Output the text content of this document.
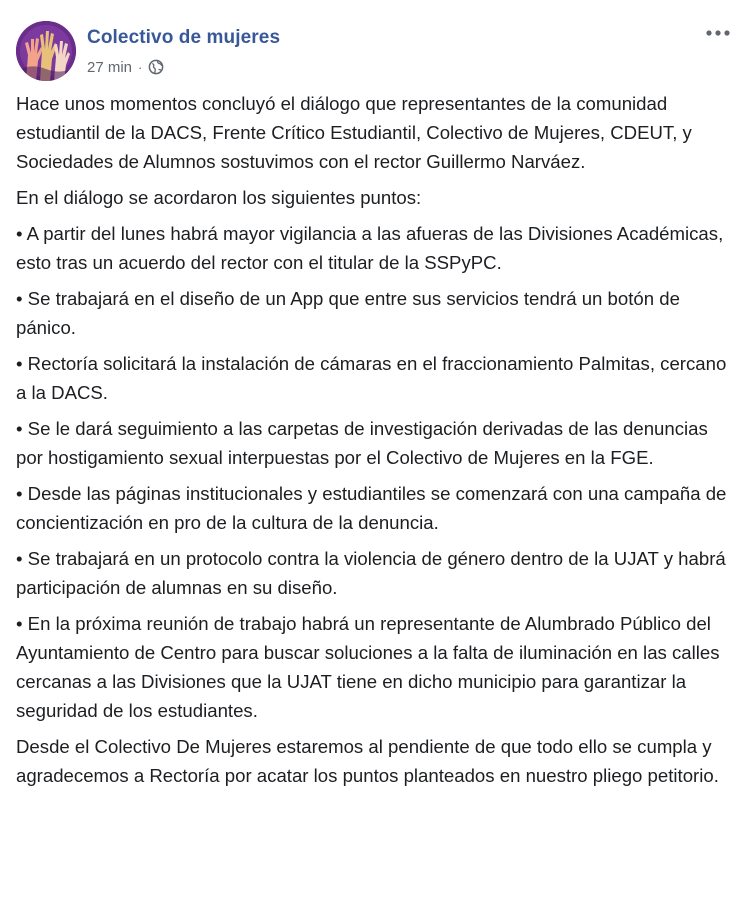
Colectivo de mujeres
27 min ·

Hace unos momentos concluyó el diálogo que representantes de la comunidad estudiantil de la DACS, Frente Crítico Estudiantil, Colectivo de Mujeres, CDEUT, y Sociedades de Alumnos sostuvimos con el rector Guillermo Narváez.

En el diálogo se acordaron los siguientes puntos:

• A partir del lunes habrá mayor vigilancia a las afueras de las Divisiones Académicas, esto tras un acuerdo del rector con el titular de la SSPyPC.

• Se trabajará en el diseño de un App que entre sus servicios tendrá un botón de pánico.

• Rectoría solicitará la instalación de cámaras en el fraccionamiento Palmitas, cercano a la DACS.

• Se le dará seguimiento a las carpetas de investigación derivadas de las denuncias por hostigamiento sexual interpuestas por el Colectivo de Mujeres en la FGE.

• Desde las páginas institucionales y estudiantiles se comenzará con una campaña de concientización en pro de la cultura de la denuncia.

• Se trabajará en un protocolo contra la violencia de género dentro de la UJAT y habrá participación de alumnas en su diseño.

• En la próxima reunión de trabajo habrá un representante de Alumbrado Público del Ayuntamiento de Centro para buscar soluciones a la falta de iluminación en las calles cercanas a las Divisiones que la UJAT tiene en dicho municipio para garantizar la seguridad de los estudiantes.

Desde el Colectivo De Mujeres estaremos al pendiente de que todo ello se cumpla y agradecemos a Rectoría por acatar los puntos planteados en nuestro pliego petitorio.
